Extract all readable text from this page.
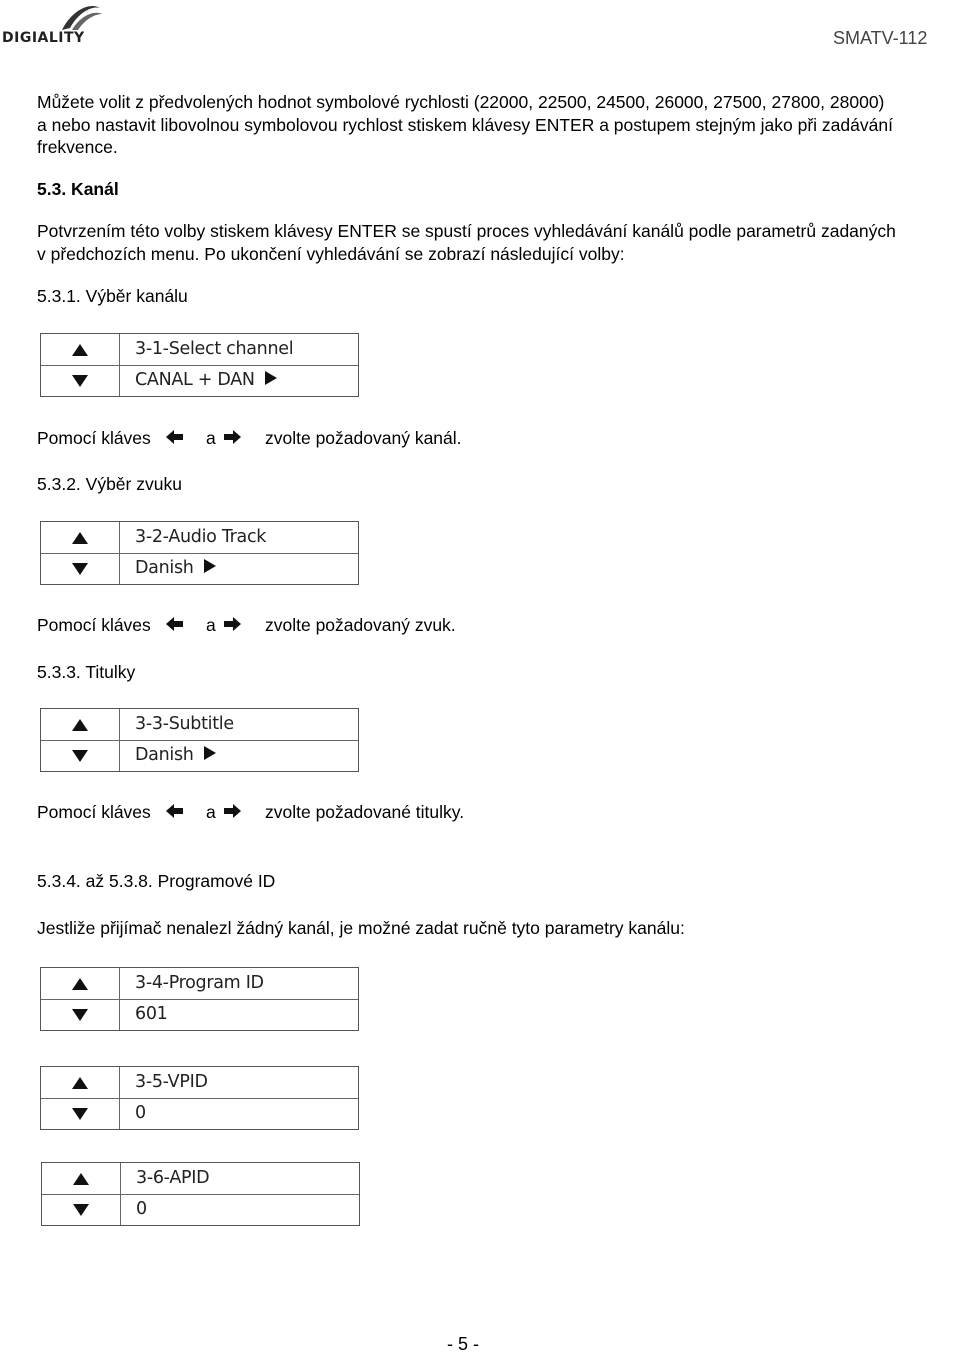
DIGIALITY	SMATV-112
Můžete volit z předvolených hodnot symbolové rychlosti (22000, 22500, 24500, 26000, 27500, 27800, 28000)
a nebo nastavit libovolnou symbolovou rychlost stiskem klávesy ENTER a postupem stejným jako při zadávání
frekvence.
5.3. Kanál
Potvrzením této volby stiskem klávesy ENTER se spustí proces vyhledávání kanálů podle parametrů zadaných
v předchozích menu. Po ukončení vyhledávání se zobrazí následující volby:
5.3.1. Výběr kanálu
3-1-Select channel
CANAL + DAN
Pomocí kláves	a	zvolte požadovaný kanál.
5.3.2. Výběr zvuku
3-2-Audio Track
Danish
Pomocí kláves	a	zvolte požadovaný zvuk.
5.3.3. Titulky
3-3-Subtitle
Danish
Pomocí kláves	a	zvolte požadované titulky.
5.3.4. až 5.3.8. Programové ID
Jestliže přijímač nenalezl žádný kanál, je možné zadat ručně tyto parametry kanálu:
3-4-Program ID
601
3-5-VPID
0
3-6-APID
0
- 5 -
